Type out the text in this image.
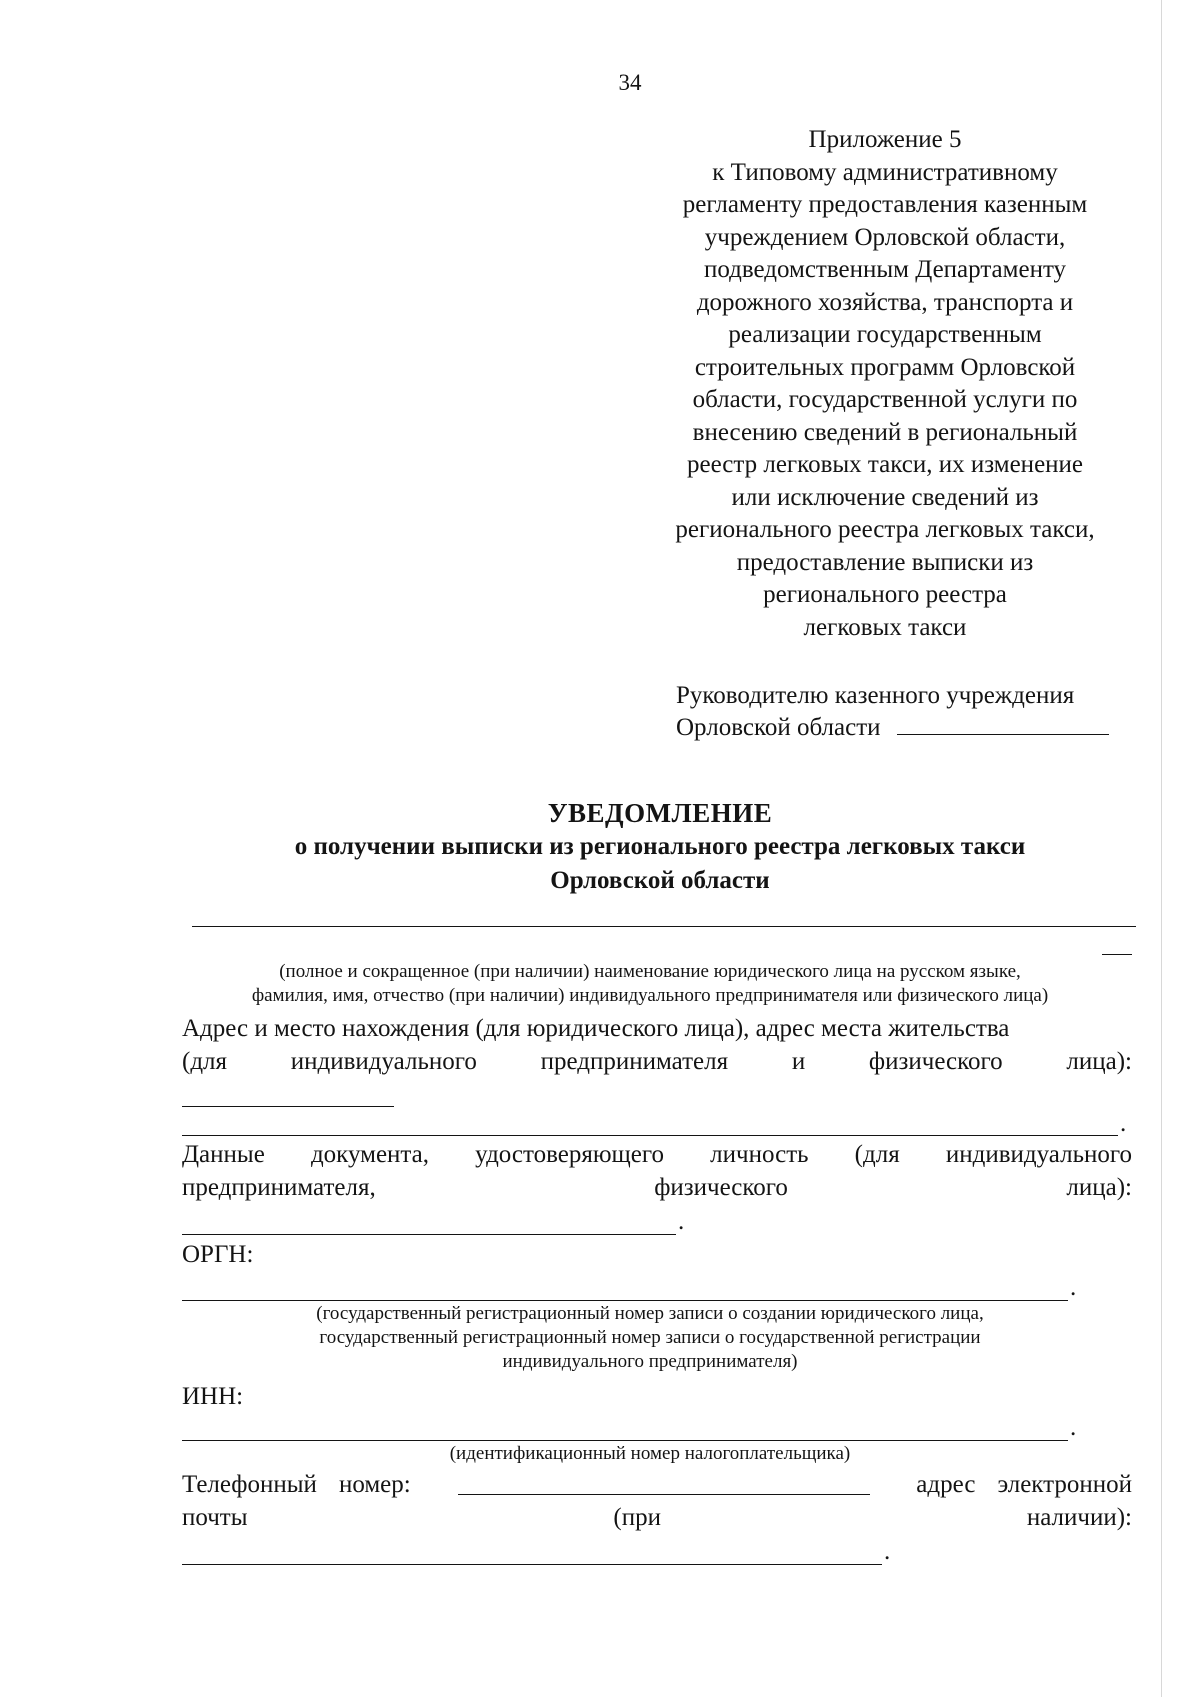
34
Приложение 5
к Типовому административному
регламенту предоставления казенным
учреждением Орловской области,
подведомственным Департаменту
дорожного хозяйства, транспорта и
реализации государственным
строительных программ Орловской
области, государственной услуги по
внесению сведений в региональный
реестр легковых такси, их изменение
или исключение сведений из
регионального реестра легковых такси,
предоставление выписки из
регионального реестра
легковых такси
Руководителю казенного учреждения
Орловской области
УВЕДОМЛЕНИЕ
о получении выписки из регионального реестра легковых такси
Орловской области
(полное и сокращенное (при наличии) наименование юридического лица на русском языке,
фамилия, имя, отчество (при наличии) индивидуального предпринимателя или физического лица)
Адрес и место нахождения (для юридического лица), адрес места жительства
(для	индивидуального	предпринимателя	и	физического	лица):
.
Данные документа, удостоверяющего личность (для индивидуального
предпринимателя,	физического	лица):
.
ОРГН:
.
(государственный регистрационный номер записи о создании юридического лица,
государственный регистрационный номер записи о государственной регистрации
индивидуального предпринимателя)
ИНН:
.
(идентификационный номер налогоплательщика)
Телефонный номер:	адрес электронной
почты	(при	наличии):
.
